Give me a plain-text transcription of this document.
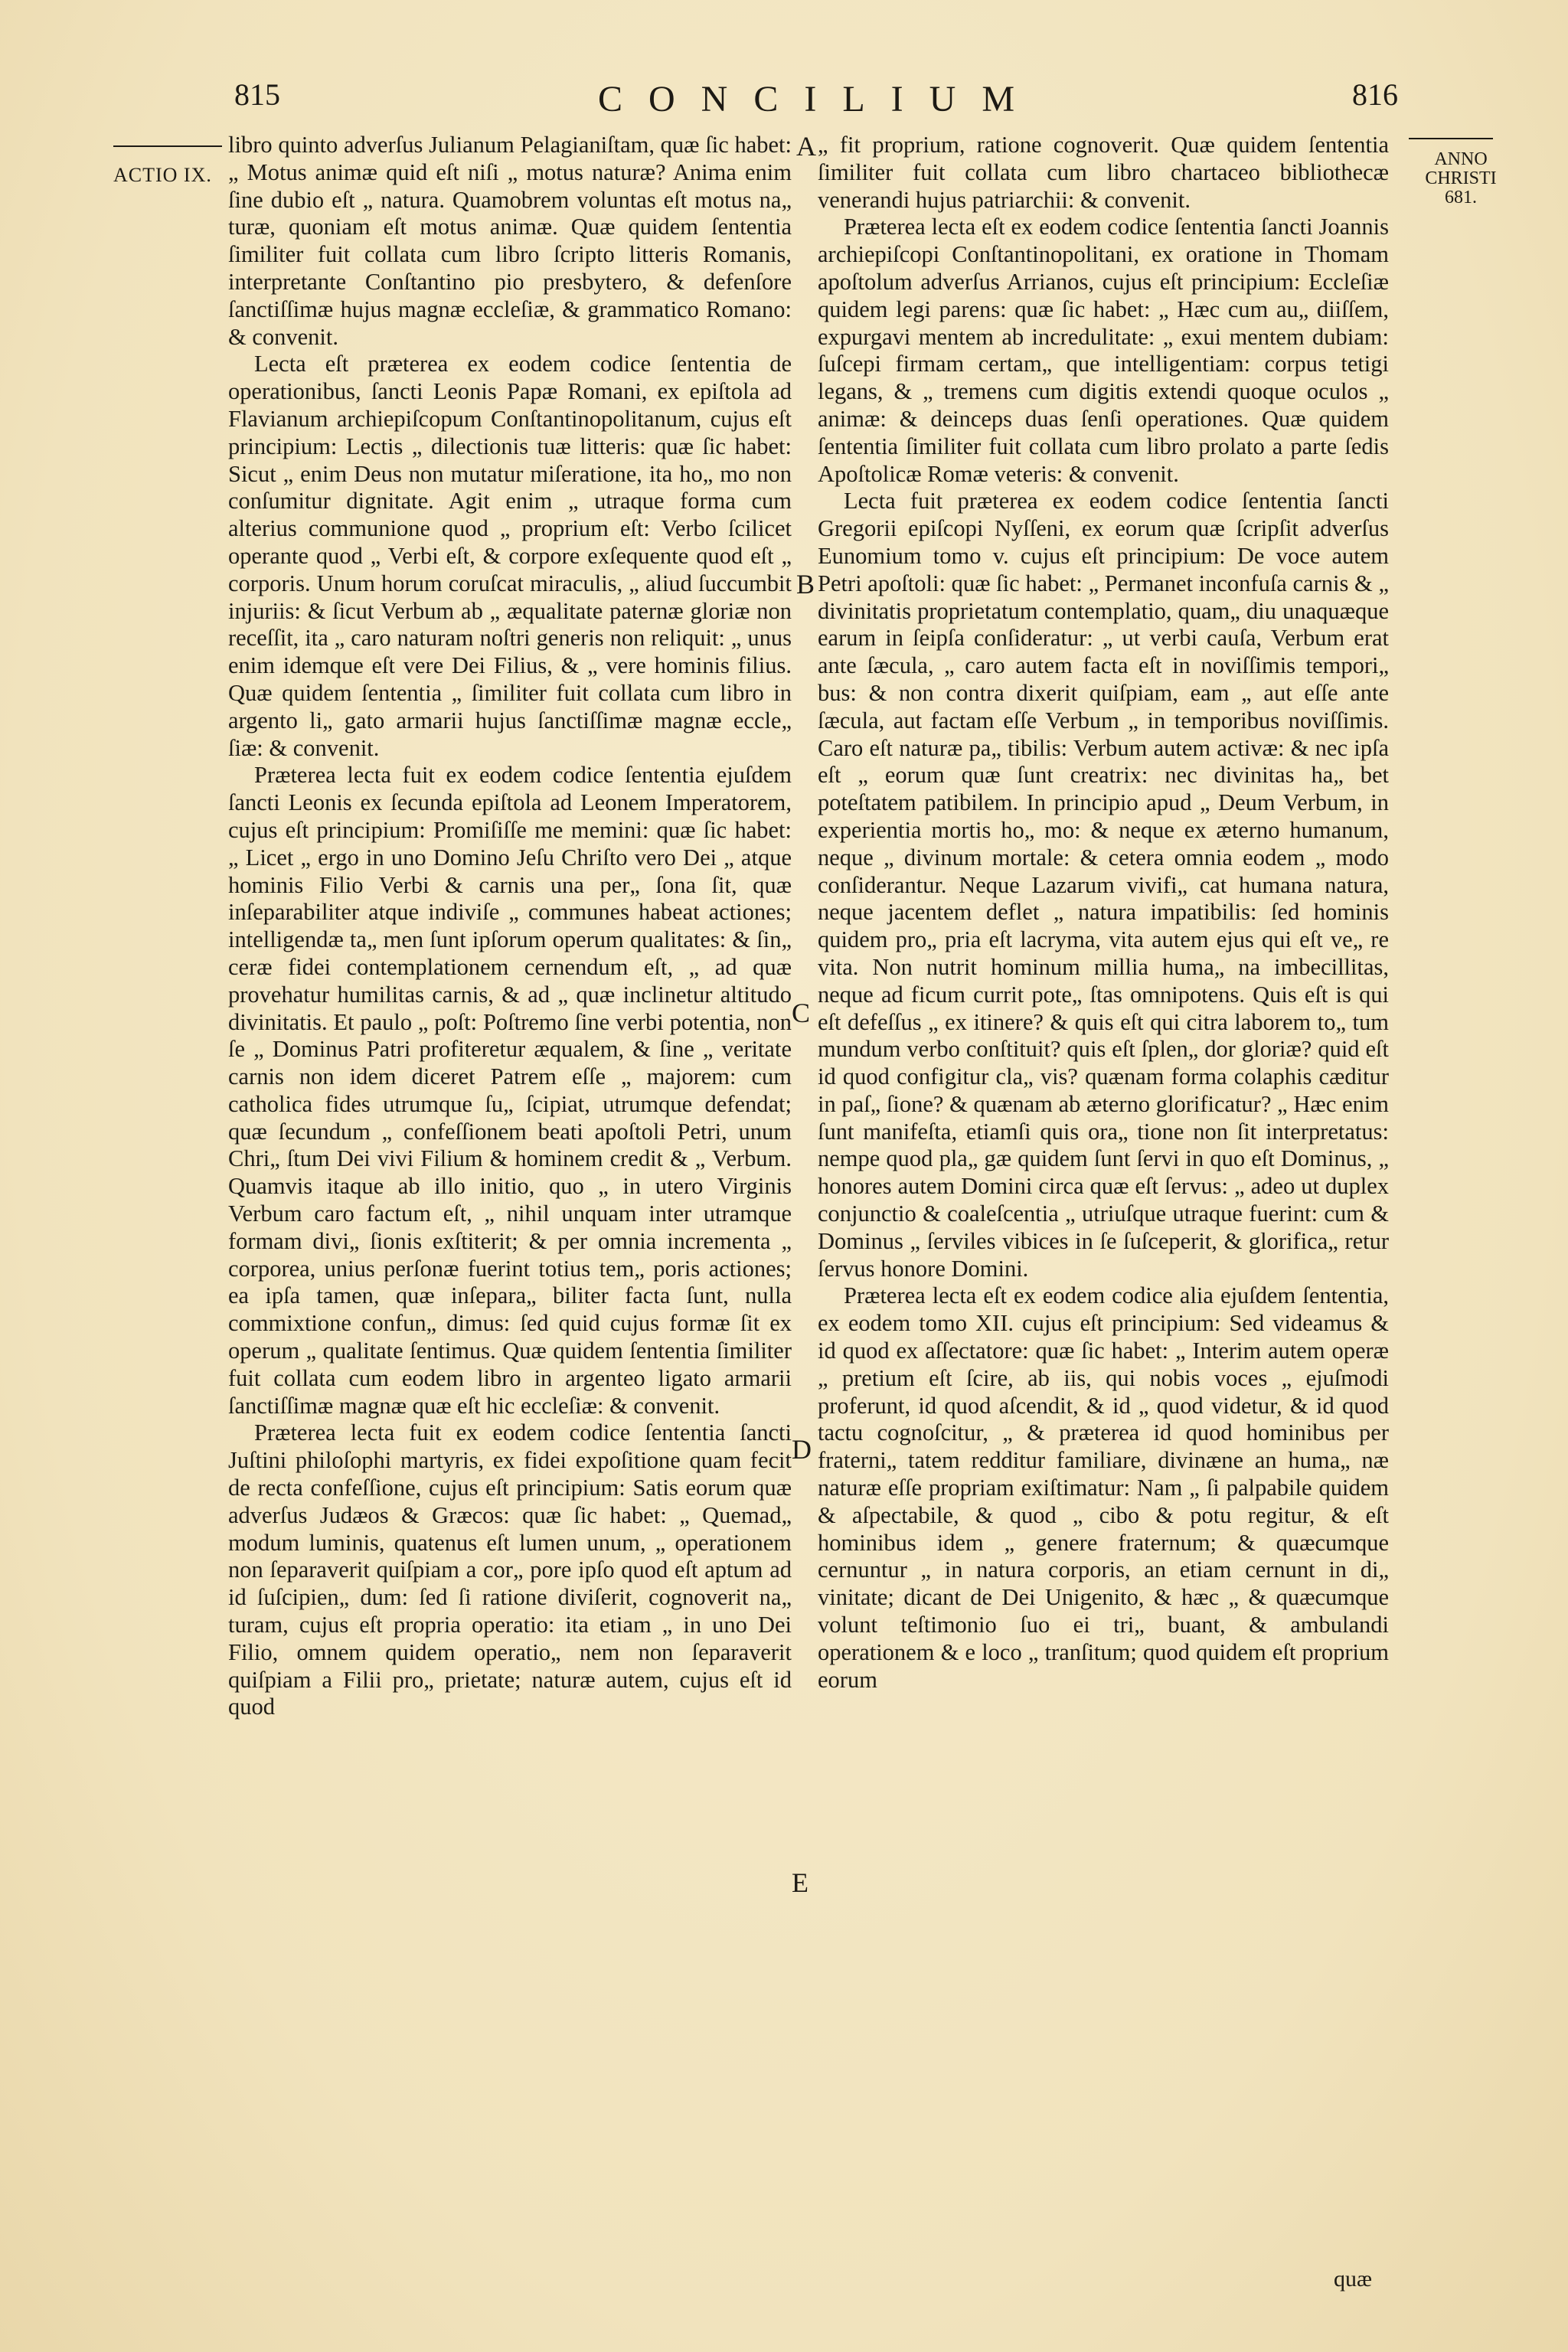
815	CONCILIUM	816
ACTIO IX.
ANNO CHRISTI 681.

libro quinto adverſus Julianum Pelagianiſtam, quæ ſic habet: „ Motus animæ quid eſt niſi „ motus naturæ? Anima enim ſine dubio eſt „ natura. Quamobrem voluntas eſt motus na„ turæ, quoniam eſt motus animæ. Quæ quidem ſententia ſimiliter fuit collata cum libro ſcripto litteris Romanis, interpretante Conſtantino pio presbytero, & defenſore ſanctiſſimæ hujus magnæ eccleſiæ, & grammatico Romano: & convenit.

Lecta eſt præterea ex eodem codice ſententia de operationibus, ſancti Leonis Papæ Romani, ex epiſtola ad Flavianum archiepiſcopum Conſtantinopolitanum, cujus eſt principium: Lectis „ dilectionis tuæ litteris: quæ ſic habet: Sicut „ enim Deus non mutatur miſeratione, ita ho„ mo non conſumitur dignitate. Agit enim „ utraque forma cum alterius communione quod „ proprium eſt: Verbo ſcilicet operante quod „ Verbi eſt, & corpore exſequente quod eſt „ corporis. Unum horum coruſcat miraculis, „ aliud ſuccumbit injuriis: & ſicut Verbum ab „ æqualitate paternæ gloriæ non receſſit, ita „ caro naturam noſtri generis non reliquit: „ unus enim idemque eſt vere Dei Filius, & „ vere hominis filius. Quæ quidem ſententia „ ſimiliter fuit collata cum libro in argento li„ gato armarii hujus ſanctiſſimæ magnæ eccle„ ſiæ: & convenit.

Præterea lecta fuit ex eodem codice ſententia ejuſdem ſancti Leonis ex ſecunda epiſtola ad Leonem Imperatorem, cujus eſt principium: Promiſiſſe me memini: quæ ſic habet: „ Licet „ ergo in uno Domino Jeſu Chriſto vero Dei „ atque hominis Filio Verbi & carnis una per„ ſona ſit, quæ inſeparabiliter atque indiviſe „ communes habeat actiones; intelligendæ ta„ men ſunt ipſorum operum qualitates: & ſin„ ceræ fidei contemplationem cernendum eſt, „ ad quæ provehatur humilitas carnis, & ad „ quæ inclinetur altitudo divinitatis. Et paulo „ poſt: Poſtremo ſine verbi potentia, non ſe „ Dominus Patri profiteretur æqualem, & ſine „ veritate carnis non idem diceret Patrem eſſe „ majorem: cum catholica fides utrumque ſu„ ſcipiat, utrumque defendat; quæ ſecundum „ confeſſionem beati apoſtoli Petri, unum Chri„ ſtum Dei vivi Filium & hominem credit & „ Verbum. Quamvis itaque ab illo initio, quo „ in utero Virginis Verbum caro factum eſt, „ nihil unquam inter utramque formam divi„ ſionis exſtiterit; & per omnia incrementa „ corporea, unius perſonæ fuerint totius tem„ poris actiones; ea ipſa tamen, quæ inſepara„ biliter facta ſunt, nulla commixtione confun„ dimus: ſed quid cujus formæ ſit ex operum „ qualitate ſentimus. Quæ quidem ſententia ſimiliter fuit collata cum eodem libro in argenteo ligato armarii ſanctiſſimæ magnæ quæ eſt hic eccleſiæ: & convenit.

Præterea lecta fuit ex eodem codice ſententia ſancti Juſtini philoſophi martyris, ex fidei expoſitione quam fecit de recta confeſſione, cujus eſt principium: Satis eorum quæ adverſus Judæos & Græcos: quæ ſic habet: „ Quemad„ modum luminis, quatenus eſt lumen unum, „ operationem non ſeparaverit quiſpiam a cor„ pore ipſo quod eſt aptum ad id ſuſcipien„ dum: ſed ſi ratione diviſerit, cognoverit na„ turam, cujus eſt propria operatio: ita etiam „ in uno Dei Filio, omnem quidem operatio„ nem non ſeparaverit quiſpiam a Filii pro„ prietate; naturæ autem, cujus eſt id quod

„ fit proprium, ratione cognoverit. Quæ quidem ſententia ſimiliter fuit collata cum libro chartaceo bibliothecæ venerandi hujus patriarchii: & convenit.

Præterea lecta eſt ex eodem codice ſententia ſancti Joannis archiepiſcopi Conſtantinopolitani, ex oratione in Thomam apoſtolum adverſus Arrianos, cujus eſt principium: Eccleſiæ quidem legi parens: quæ ſic habet: „ Hæc cum au„ diiſſem, expurgavi mentem ab incredulitate: „ exui mentem dubiam: ſuſcepi firmam certam„ que intelligentiam: corpus tetigi legans, & „ tremens cum digitis extendi quoque oculos „ animæ: & deinceps duas ſenſi operationes. Quæ quidem ſententia ſimiliter fuit collata cum libro prolato a parte ſedis Apoſtolicæ Romæ veteris: & convenit.

Lecta fuit præterea ex eodem codice ſententia ſancti Gregorii epiſcopi Nyſſeni, ex eorum quæ ſcripſit adverſus Eunomium tomo v. cujus eſt principium: De voce autem Petri apoſtoli: quæ ſic habet: „ Permanet inconfuſa carnis & „ divinitatis proprietatum contemplatio, quam„ diu unaquæque earum in ſeipſa conſideratur: „ ut verbi cauſa, Verbum erat ante ſæcula, „ caro autem facta eſt in noviſſimis tempori„ bus: & non contra dixerit quiſpiam, eam „ aut eſſe ante ſæcula, aut factam eſſe Verbum „ in temporibus noviſſimis. Caro eſt naturæ pa„ tibilis: Verbum autem activæ: & nec ipſa eſt „ eorum quæ ſunt creatrix: nec divinitas ha„ bet poteſtatem patibilem. In principio apud „ Deum Verbum, in experientia mortis ho„ mo: & neque ex æterno humanum, neque „ divinum mortale: & cetera omnia eodem „ modo conſiderantur. Neque Lazarum vivifi„ cat humana natura, neque jacentem deflet „ natura impatibilis: ſed hominis quidem pro„ pria eſt lacryma, vita autem ejus qui eſt ve„ re vita. Non nutrit hominum millia huma„ na imbecillitas, neque ad ficum currit pote„ ſtas omnipotens. Quis eſt is qui eſt defeſſus „ ex itinere? & quis eſt qui citra laborem to„ tum mundum verbo conſtituit? quis eſt ſplen„ dor gloriæ? quid eſt id quod configitur cla„ vis? quænam forma colaphis cæditur in paſ„ ſione? & quænam ab æterno glorificatur? „ Hæc enim ſunt manifeſta, etiamſi quis ora„ tione non ſit interpretatus: nempe quod pla„ gæ quidem ſunt ſervi in quo eſt Dominus, „ honores autem Domini circa quæ eſt ſervus: „ adeo ut duplex conjunctio & coaleſcentia „ utriuſque utraque fuerint: cum & Dominus „ ſerviles vibices in ſe ſuſceperit, & glorifica„ retur ſervus honore Domini.

Præterea lecta eſt ex eodem codice alia ejuſdem ſententia, ex eodem tomo XII. cujus eſt principium: Sed videamus & id quod ex aſſectatore: quæ ſic habet: „ Interim autem operæ „ pretium eſt ſcire, ab iis, qui nobis voces „ ejuſmodi proferunt, id quod aſcendit, & id „ quod videtur, & id quod tactu cognoſcitur, „ & præterea id quod hominibus per fraterni„ tatem redditur familiare, divinæne an huma„ næ naturæ eſſe propriam exiſtimatur: Nam „ ſi palpabile quidem & aſpectabile, & quod „ cibo & potu regitur, & eſt hominibus idem „ genere fraternum; & quæcumque cernuntur „ in natura corporis, an etiam cernunt in di„ vinitate; dicant de Dei Unigenito, & hæc „ & quæcumque volunt teſtimonio ſuo ei tri„ buant, & ambulandi operationem & e loco „ tranſitum; quod quidem eſt proprium eorum

A
B
C
D
E
quæ
